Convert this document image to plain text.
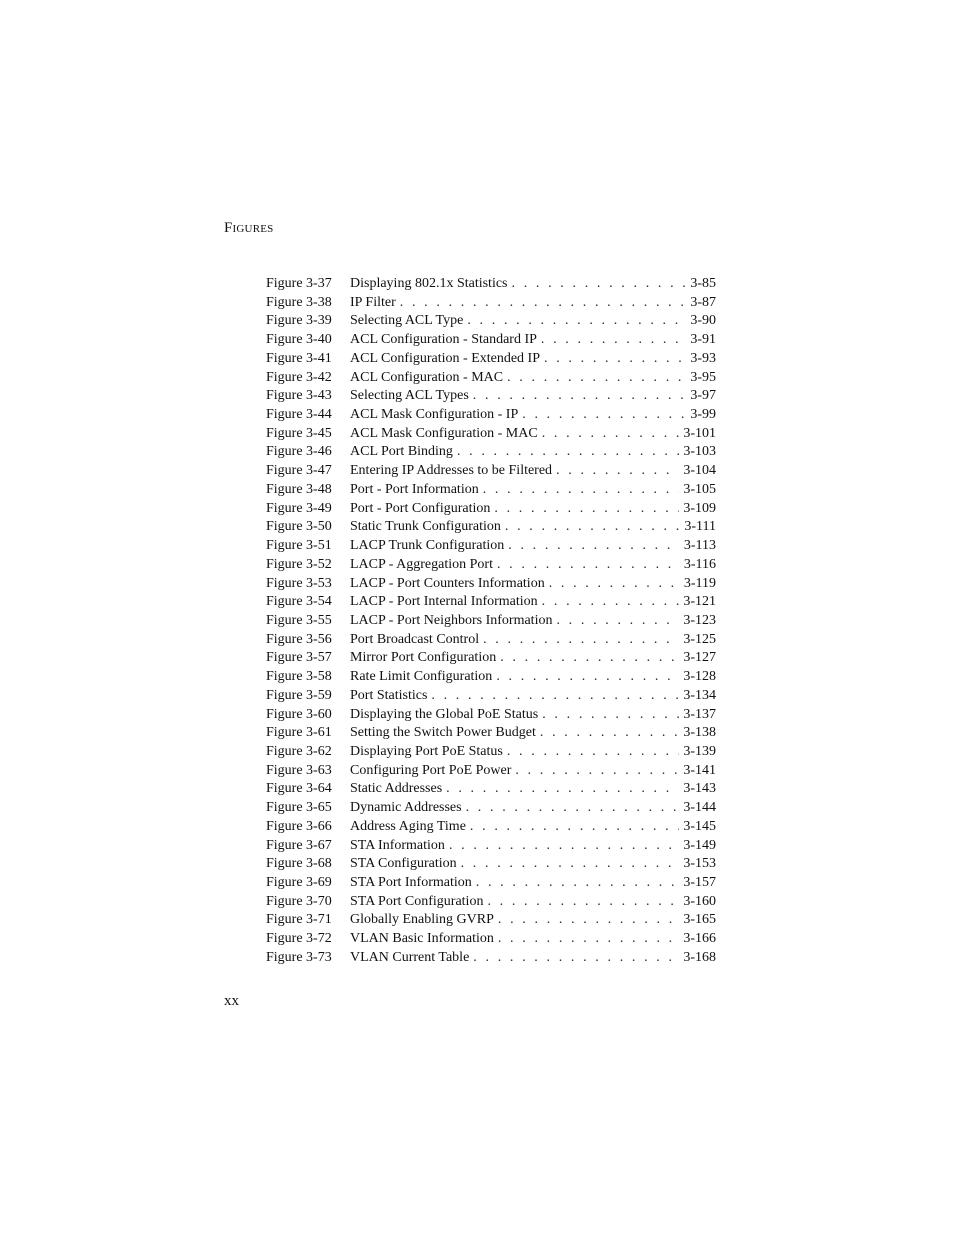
FIGURES
Figure 3-37	Displaying 802.1x Statistics . . .	3-85
Figure 3-38	IP Filter . . .	3-87
Figure 3-39	Selecting ACL Type . . .	3-90
Figure 3-40	ACL Configuration - Standard IP . . .	3-91
Figure 3-41	ACL Configuration - Extended IP . . .	3-93
Figure 3-42	ACL Configuration - MAC . . .	3-95
Figure 3-43	Selecting ACL Types . . .	3-97
Figure 3-44	ACL Mask Configuration - IP . . .	3-99
Figure 3-45	ACL Mask Configuration - MAC . . .	3-101
Figure 3-46	ACL Port Binding . . .	3-103
Figure 3-47	Entering IP Addresses to be Filtered . . .	3-104
Figure 3-48	Port - Port Information . . .	3-105
Figure 3-49	Port - Port Configuration . . .	3-109
Figure 3-50	Static Trunk Configuration . . .	3-111
Figure 3-51	LACP Trunk Configuration . . .	3-113
Figure 3-52	LACP - Aggregation Port . . .	3-116
Figure 3-53	LACP - Port Counters Information . . .	3-119
Figure 3-54	LACP - Port Internal Information . . .	3-121
Figure 3-55	LACP - Port Neighbors Information . . .	3-123
Figure 3-56	Port Broadcast Control . . .	3-125
Figure 3-57	Mirror Port Configuration . . .	3-127
Figure 3-58	Rate Limit Configuration . . .	3-128
Figure 3-59	Port Statistics . . .	3-134
Figure 3-60	Displaying the Global PoE Status . . .	3-137
Figure 3-61	Setting the Switch Power Budget . . .	3-138
Figure 3-62	Displaying Port PoE Status . . .	3-139
Figure 3-63	Configuring Port PoE Power . . .	3-141
Figure 3-64	Static Addresses . . .	3-143
Figure 3-65	Dynamic Addresses . . .	3-144
Figure 3-66	Address Aging Time . . .	3-145
Figure 3-67	STA Information . . .	3-149
Figure 3-68	STA Configuration . . .	3-153
Figure 3-69	STA Port Information . . .	3-157
Figure 3-70	STA Port Configuration . . .	3-160
Figure 3-71	Globally Enabling GVRP . . .	3-165
Figure 3-72	VLAN Basic Information . . .	3-166
Figure 3-73	VLAN Current Table . . .	3-168
xx
